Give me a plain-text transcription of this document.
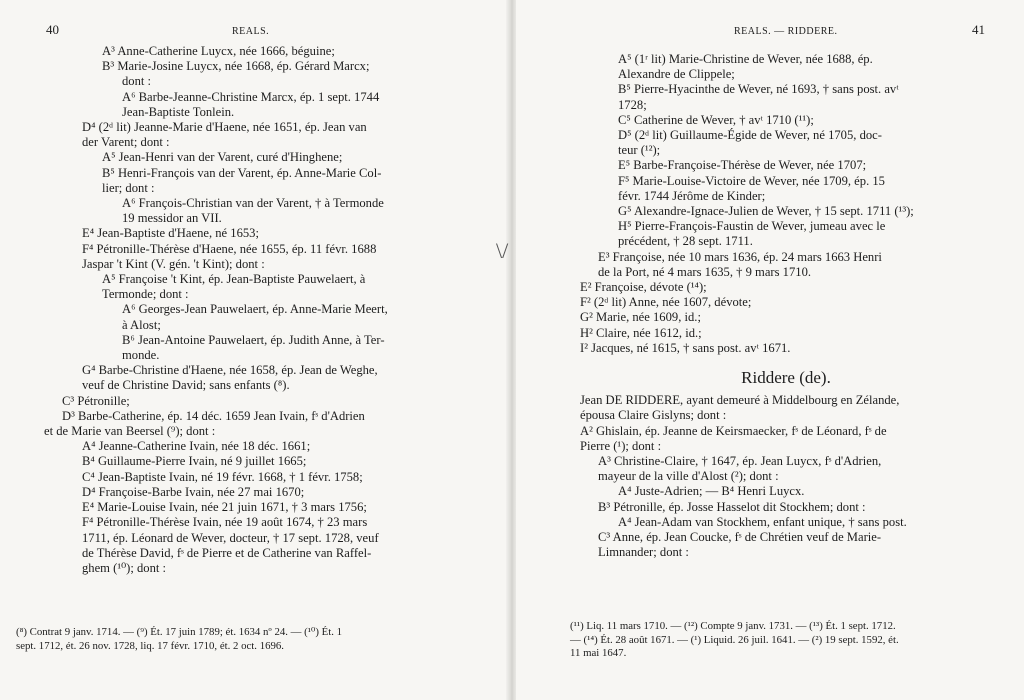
40	REALS.
A³ Anne-Catherine Luycx, née 1666, béguine;
B³ Marie-Josine Luycx, née 1668, ép. Gérard Marcx;
dont :
A⁶ Barbe-Jeanne-Christine Marcx, ép. 1 sept. 1744
Jean-Baptiste Tonlein.
D⁴ (2ᵈ lit) Jeanne-Marie d'Haene, née 1651, ép. Jean van
der Varent; dont :
A⁵ Jean-Henri van der Varent, curé d'Hinghene;
B⁵ Henri-François van der Varent, ép. Anne-Marie Col-
lier; dont :
A⁶ François-Christian van der Varent, † à Termonde
19 messidor an VII.
E⁴ Jean-Baptiste d'Haene, né 1653;
F⁴ Pétronille-Thérèse d'Haene, née 1655, ép. 11 févr. 1688
Jaspar 't Kint (V. gén. 't Kint); dont :
A⁵ Françoise 't Kint, ép. Jean-Baptiste Pauwelaert, à
Termonde; dont :
A⁶ Georges-Jean Pauwelaert, ép. Anne-Marie Meert,
à Alost;
B⁶ Jean-Antoine Pauwelaert, ép. Judith Anne, à Ter-
monde.
G⁴ Barbe-Christine d'Haene, née 1658, ép. Jean de Weghe,
veuf de Christine David; sans enfants (⁸).
C³ Pétronille;
D³ Barbe-Catherine, ép. 14 déc. 1659 Jean Ivain, fˢ d'Adrien
et de Marie van Beersel (⁹); dont :
A⁴ Jeanne-Catherine Ivain, née 18 déc. 1661;
B⁴ Guillaume-Pierre Ivain, né 9 juillet 1665;
C⁴ Jean-Baptiste Ivain, né 19 févr. 1668, † 1 févr. 1758;
D⁴ Françoise-Barbe Ivain, née 27 mai 1670;
E⁴ Marie-Louise Ivain, née 21 juin 1671, † 3 mars 1756;
F⁴ Pétronille-Thérèse Ivain, née 19 août 1674, † 23 mars
1711, ép. Léonard de Wever, docteur, † 17 sept. 1728, veuf
de Thérèse David, fˢ de Pierre et de Catherine van Raffel-
ghem (¹⁰); dont :
(⁸) Contrat 9 janv. 1714. — (⁹) Ét. 17 juin 1789; ét. 1634 nº 24. — (¹⁰) Ét. 1
sept. 1712, ét. 26 nov. 1728, liq. 17 févr. 1710, ét. 2 oct. 1696.
\/
REALS. — RIDDERE.	41
A⁵ (1ʳ lit) Marie-Christine de Wever, née 1688, ép.
Alexandre de Clippele;
B⁵ Pierre-Hyacinthe de Wever, né 1693, † sans post. avᵗ
1728;
C⁵ Catherine de Wever, † avᵗ 1710 (¹¹);
D⁵ (2ᵈ lit) Guillaume-Égide de Wever, né 1705, doc-
teur (¹²);
E⁵ Barbe-Françoise-Thérèse de Wever, née 1707;
F⁵ Marie-Louise-Victoire de Wever, née 1709, ép. 15
févr. 1744 Jérôme de Kinder;
G⁵ Alexandre-Ignace-Julien de Wever, † 15 sept. 1711 (¹³);
H⁵ Pierre-François-Faustin de Wever, jumeau avec le
précédent, † 28 sept. 1711.
E³ Françoise, née 10 mars 1636, ép. 24 mars 1663 Henri
de la Port, né 4 mars 1635, † 9 mars 1710.
E² Françoise, dévote (¹⁴);
F² (2ᵈ lit) Anne, née 1607, dévote;
G² Marie, née 1609, id.;
H² Claire, née 1612, id.;
I² Jacques, né 1615, † sans post. avᵗ 1671.
Riddere (de).
Jean DE RIDDERE, ayant demeuré à Middelbourg en Zélande,
épousa Claire Gislyns; dont :
A² Ghislain, ép. Jeanne de Keirsmaecker, fˢ de Léonard, fˢ de
Pierre (¹); dont :
A³ Christine-Claire, † 1647, ép. Jean Luycx, fˢ d'Adrien,
mayeur de la ville d'Alost (²); dont :
A⁴ Juste-Adrien; — B⁴ Henri Luycx.
B³ Pétronille, ép. Josse Hasselot dit Stockhem; dont :
A⁴ Jean-Adam van Stockhem, enfant unique, † sans post.
C³ Anne, ép. Jean Coucke, fˢ de Chrétien veuf de Marie-
Limnander; dont :
(¹¹) Liq. 11 mars 1710. — (¹²) Compte 9 janv. 1731. — (¹³) Ét. 1 sept. 1712.
— (¹⁴) Ét. 28 août 1671. — (¹) Liquid. 26 juil. 1641. — (²) 19 sept. 1592, ét.
11 mai 1647.
